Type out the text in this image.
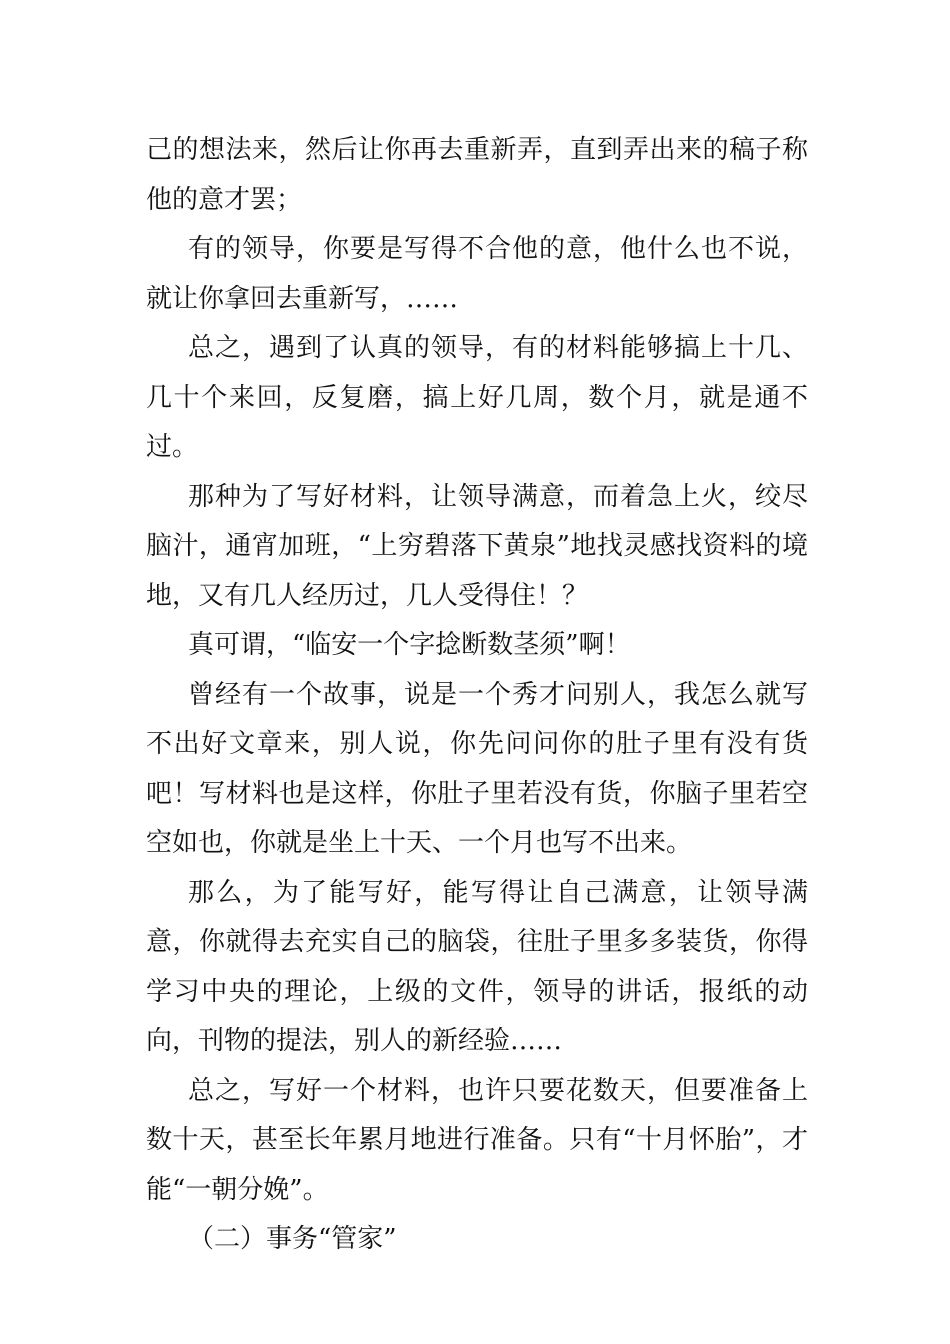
己的想法来，然后让你再去重新弄，直到弄出来的稿子称他的意才罢；

有的领导，你要是写得不合他的意，他什么也不说，就让你拿回去重新写，……

总之，遇到了认真的领导，有的材料能够搞上十几、几十个来回，反复磨，搞上好几周，数个月，就是通不过。

那种为了写好材料，让领导满意，而着急上火，绞尽脑汁，通宵加班，“上穷碧落下黄泉”地找灵感找资料的境地，又有几人经历过，几人受得住！？

真可谓，“临安一个字捻断数茎须”啊！

曾经有一个故事，说是一个秀才问别人，我怎么就写不出好文章来，别人说，你先问问你的肚子里有没有货吧！写材料也是这样，你肚子里若没有货，你脑子里若空空如也，你就是坐上十天、一个月也写不出来。

那么，为了能写好，能写得让自己满意，让领导满意，你就得去充实自己的脑袋，往肚子里多多装货，你得学习中央的理论，上级的文件，领导的讲话，报纸的动向，刊物的提法，别人的新经验……

总之，写好一个材料，也许只要花数天，但要准备上数十天，甚至长年累月地进行准备。只有“十月怀胎”，才能“一朝分娩”。

（二）事务“管家”
